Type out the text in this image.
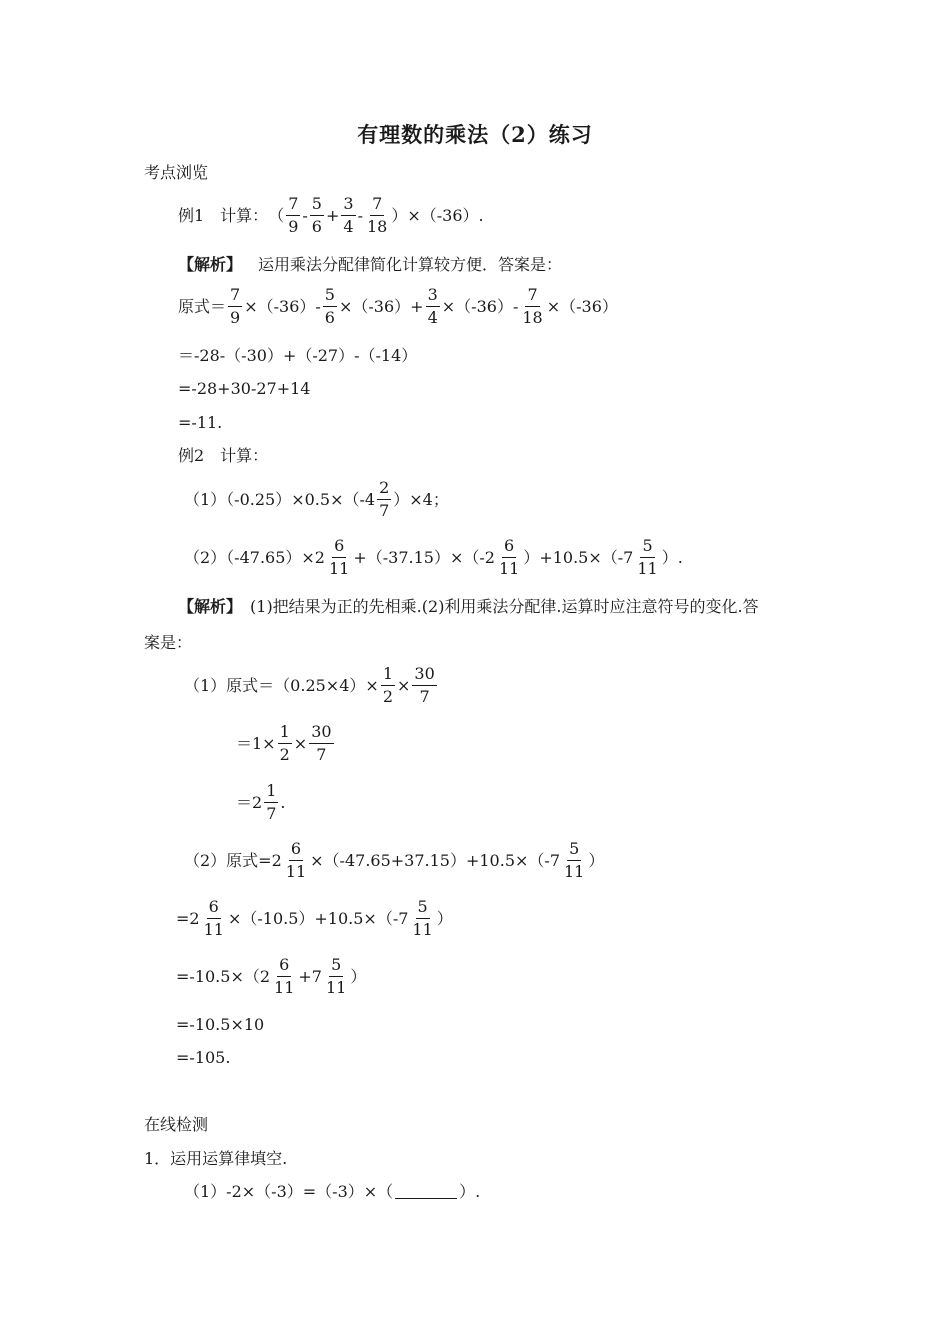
有理数的乘法（2）练习
考点浏览
例1　计算： （ $\frac{7}{9} - \frac{5}{6} + \frac{3}{4} - \frac{7}{18} )\times(-36)$.
【解析】 运用乘法分配律简化计算较方便．答案是：
原式＝ $\frac{7}{9} \times(-36)- \frac{5}{6} \times(-36)+ \frac{3}{4} \times(-36)- \frac{7}{18} \times(-36)$
＝-28-（-30）+（-27）-（-14）
=-28+30-27+14
=-11.
例2　计算：
$(1)(-0.25)\times 0.5\times(-4 \frac{2}{7} )\times 4$；
$(2)(-47.65)\times 2 \frac{6}{11} +(-37.15)\times(-2 \frac{6}{11} )+10.5\times(-7 \frac{5}{11}$ ）.
【解析】 (1)把结果为正的先相乘.(2)利用乘法分配律.运算时应注意符号的变化.答
案是：
（1）原式$=(0.25\times 4)\times \frac{1}{2} \times \frac{30}{7}$
$=1\times \frac{1}{2} \times \frac{30}{7}$
$=2 \frac{1}{7}$ .
（2）原式$=2 \frac{6}{11} \times(-47.65+37.15)+10.5\times(-7 \frac{5}{11}$ ）
$=2 \frac{6}{11} \times(-10.5)+10.5\times(-7 \frac{5}{11}$ ）
$=-10.5\times(2 \frac{6}{11} +7 \frac{5}{11}$ ）
=-10.5×10
=-105.
在线检测
1．运用运算律填空.
（1）-2×（-3）=（-3）×（	）.
